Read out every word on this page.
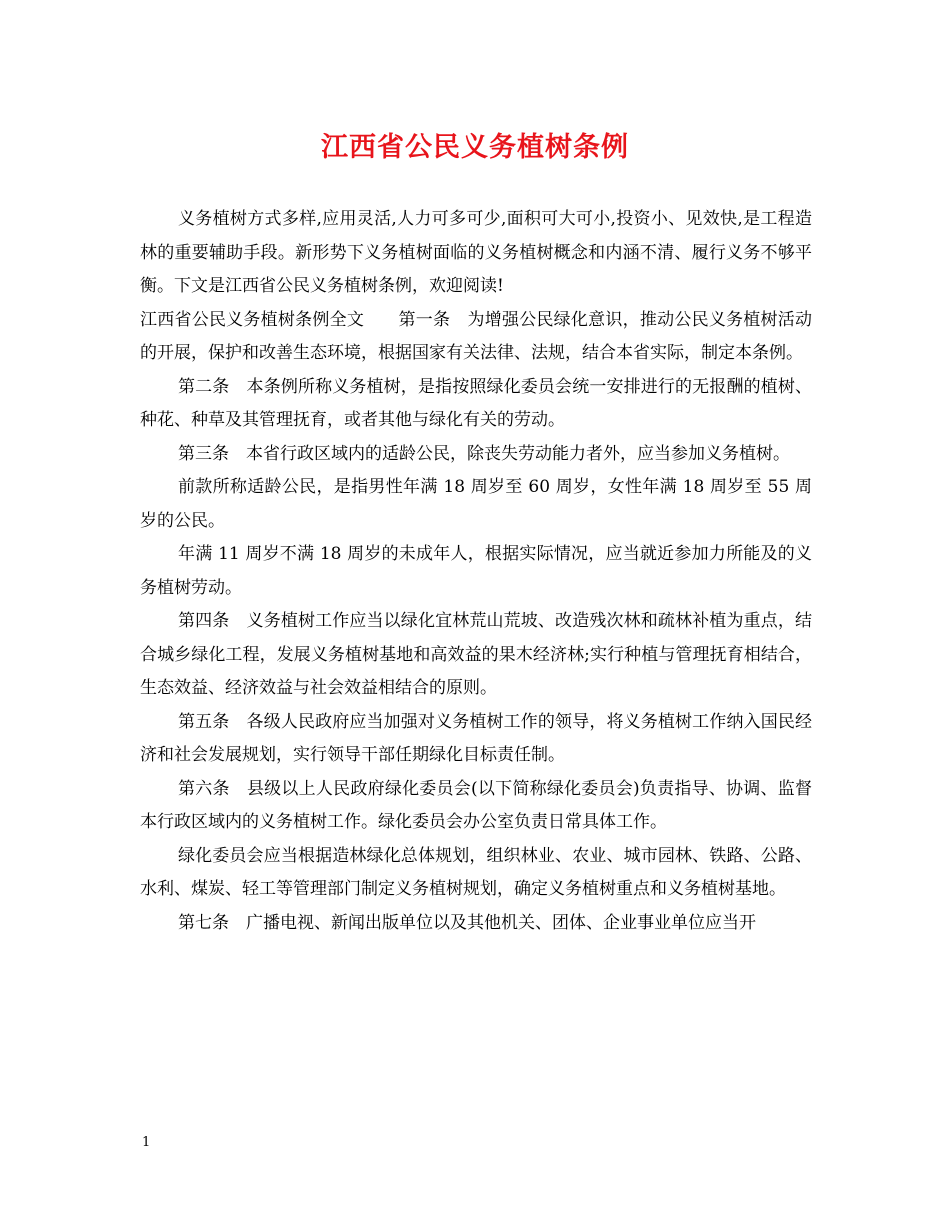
江西省公民义务植树条例

义务植树方式多样,应用灵活,人力可多可少,面积可大可小,投资小、见效快,是工程造林的重要辅助手段。新形势下义务植树面临的义务植树概念和内涵不清、履行义务不够平衡。下文是江西省公民义务植树条例，欢迎阅读!

江西省公民义务植树条例全文　　第一条　为增强公民绿化意识，推动公民义务植树活动的开展，保护和改善生态环境，根据国家有关法律、法规，结合本省实际，制定本条例。

第二条　本条例所称义务植树，是指按照绿化委员会统一安排进行的无报酬的植树、种花、种草及其管理抚育，或者其他与绿化有关的劳动。

第三条　本省行政区域内的适龄公民，除丧失劳动能力者外，应当参加义务植树。

前款所称适龄公民，是指男性年满 18 周岁至 60 周岁，女性年满 18 周岁至 55 周岁的公民。

年满 11 周岁不满 18 周岁的未成年人，根据实际情况，应当就近参加力所能及的义务植树劳动。

第四条　义务植树工作应当以绿化宜林荒山荒坡、改造残次林和疏林补植为重点，结合城乡绿化工程，发展义务植树基地和高效益的果木经济林;实行种植与管理抚育相结合，生态效益、经济效益与社会效益相结合的原则。

第五条　各级人民政府应当加强对义务植树工作的领导，将义务植树工作纳入国民经济和社会发展规划，实行领导干部任期绿化目标责任制。

第六条　县级以上人民政府绿化委员会(以下简称绿化委员会)负责指导、协调、监督本行政区域内的义务植树工作。绿化委员会办公室负责日常具体工作。

绿化委员会应当根据造林绿化总体规划，组织林业、农业、城市园林、铁路、公路、水利、煤炭、轻工等管理部门制定义务植树规划，确定义务植树重点和义务植树基地。

第七条　广播电视、新闻出版单位以及其他机关、团体、企业事业单位应当开

1
